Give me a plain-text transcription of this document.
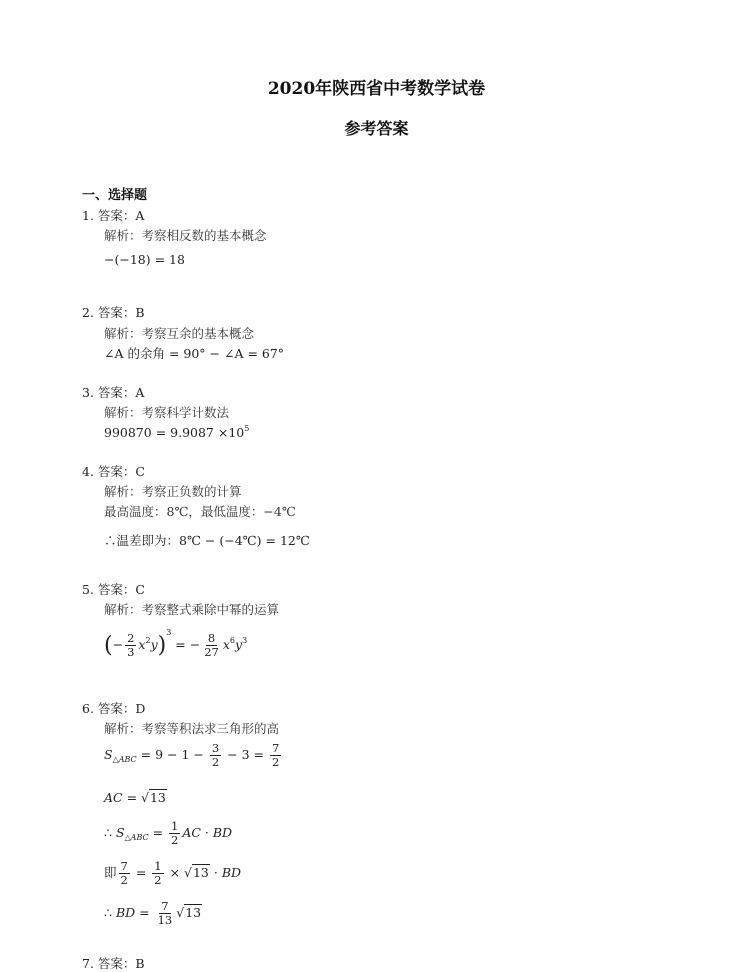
2020年陕西省中考数学试卷
参考答案
一、选择题
1. 答案：A
解析：考察相反数的基本概念
−(−18) = 18
2. 答案：B
解析：考察互余的基本概念
∠A 的余角 = 90° − ∠A = 67°
3. 答案：A
解析：考察科学计数法
$990870 = 9.9087 \times 10^5$
4. 答案：C
解析：考察正负数的计算
最高温度：8℃，最低温度：−4℃
∴温差即为：8℃ − (−4℃) = 12℃
5. 答案：C
解析：考察整式乘除中幂的运算
(− $\frac{2}{3} x^2y)^3$ = − $\frac{8}{27} x^6y^3$
6. 答案：D
解析：考察等积法求三角形的高
$S_{\triangle ABC} = 9 - 1 - \frac{3}{2} - 3 = \frac{7}{2}$
AC = √13
∴ $S_{\triangle ABC} = \frac{1}{2}$ AC · BD
即 $\frac{7}{2} = \frac{1}{2} \times √13$ · BD
∴ BD = $\frac{7}{13} √13$
7. 答案：B
